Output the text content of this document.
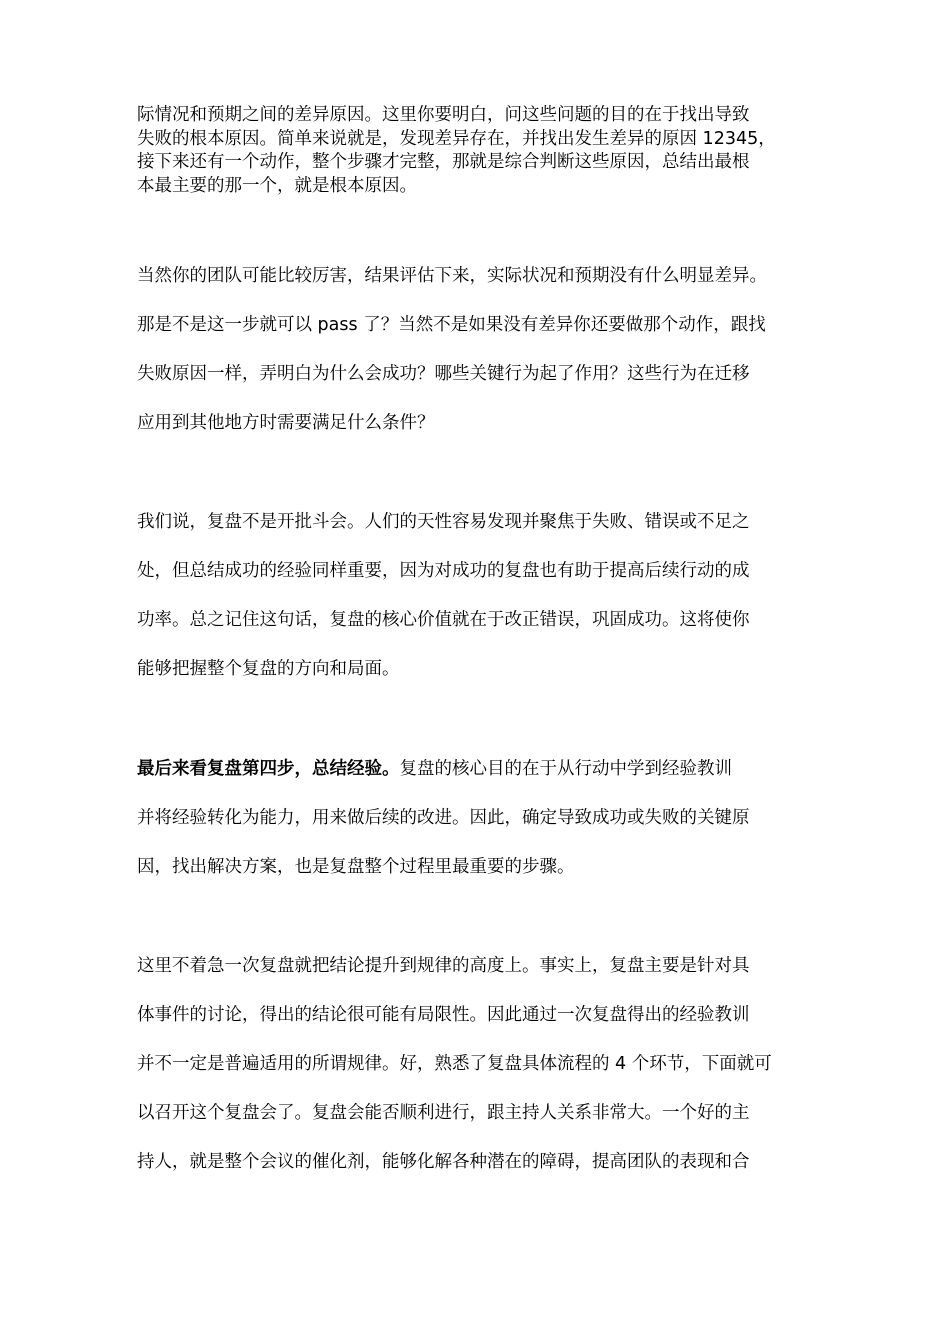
际情况和预期之间的差异原因。这里你要明白，问这些问题的目的在于找出导致
失败的根本原因。简单来说就是，发现差异存在，并找出发生差异的原因 12345，
接下来还有一个动作，整个步骤才完整，那就是综合判断这些原因，总结出最根
本最主要的那一个，就是根本原因。

当然你的团队可能比较厉害，结果评估下来，实际状况和预期没有什么明显差异。
那是不是这一步就可以 pass 了？当然不是如果没有差异你还要做那个动作，跟找
失败原因一样，弄明白为什么会成功？哪些关键行为起了作用？这些行为在迁移
应用到其他地方时需要满足什么条件？

我们说，复盘不是开批斗会。人们的天性容易发现并聚焦于失败、错误或不足之
处，但总结成功的经验同样重要，因为对成功的复盘也有助于提高后续行动的成
功率。总之记住这句话，复盘的核心价值就在于改正错误，巩固成功。这将使你
能够把握整个复盘的方向和局面。

最后来看复盘第四步，总结经验。复盘的核心目的在于从行动中学到经验教训
并将经验转化为能力，用来做后续的改进。因此，确定导致成功或失败的关键原
因，找出解决方案，也是复盘整个过程里最重要的步骤。

这里不着急一次复盘就把结论提升到规律的高度上。事实上，复盘主要是针对具
体事件的讨论，得出的结论很可能有局限性。因此通过一次复盘得出的经验教训
并不一定是普遍适用的所谓规律。好，熟悉了复盘具体流程的 4 个环节，下面就可
以召开这个复盘会了。复盘会能否顺利进行，跟主持人关系非常大。一个好的主
持人，就是整个会议的催化剂，能够化解各种潜在的障碍，提高团队的表现和合
